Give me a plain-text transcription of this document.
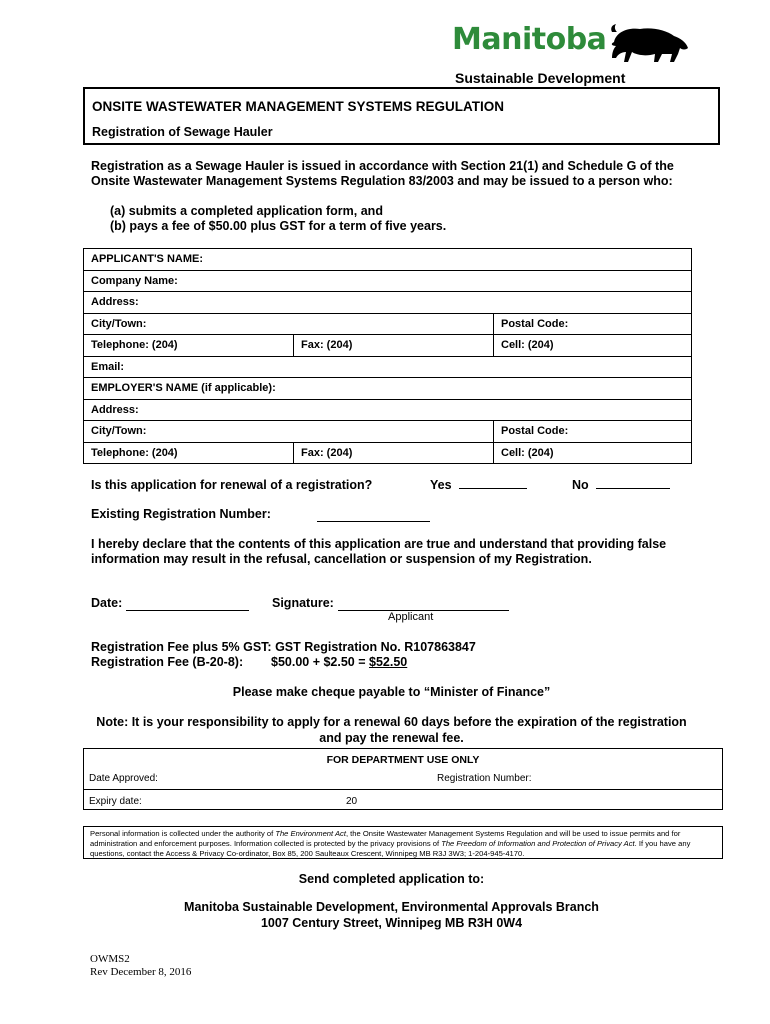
Manitoba
Sustainable Development
ONSITE WASTEWATER MANAGEMENT SYSTEMS REGULATION
Registration of Sewage Hauler
Registration as a Sewage Hauler is issued in accordance with Section 21(1) and Schedule G of the
Onsite Wastewater Management Systems Regulation 83/2003 and may be issued to a person who:
(a) submits a completed application form, and
(b) pays a fee of $50.00 plus GST for a term of five years.
APPLICANT'S NAME:		
Company Name:		
Address:		
City/Town:		Postal Code:
Telephone: (204)	Fax: (204)	Cell: (204)
Email:		
EMPLOYER'S NAME (if applicable):		
Address:		
City/Town:		Postal Code:
Telephone: (204)	Fax: (204)	Cell: (204)
Is this application for renewal of a registration?	Yes	No
Existing Registration Number:
I hereby declare that the contents of this application are true and understand that providing false
information may result in the refusal, cancellation or suspension of my Registration.
Date:	Signature:
Applicant
Registration Fee plus 5% GST: GST Registration No. R107863847
Registration Fee (B-20-8): $50.00 + $2.50 = $52.50
Please make cheque payable to “Minister of Finance”
Note: It is your responsibility to apply for a renewal 60 days before the expiration of the registration
and pay the renewal fee.
FOR DEPARTMENT USE ONLY
Date Approved:	Registration Number:
Expiry date:	20
Personal information is collected under the authority of The Environment Act, the Onsite Wastewater Management Systems Regulation and will be used to issue permits and for administration and enforcement purposes. Information collected is protected by the privacy provisions of The Freedom of Information and Protection of Privacy Act. If you have any questions, contact the Access & Privacy Co-ordinator, Box 85, 200 Saulteaux Crescent, Winnipeg MB R3J 3W3; 1-204-945-4170.
Send completed application to:
Manitoba Sustainable Development, Environmental Approvals Branch
1007 Century Street, Winnipeg MB R3H 0W4
OWMS2
Rev December 8, 2016
